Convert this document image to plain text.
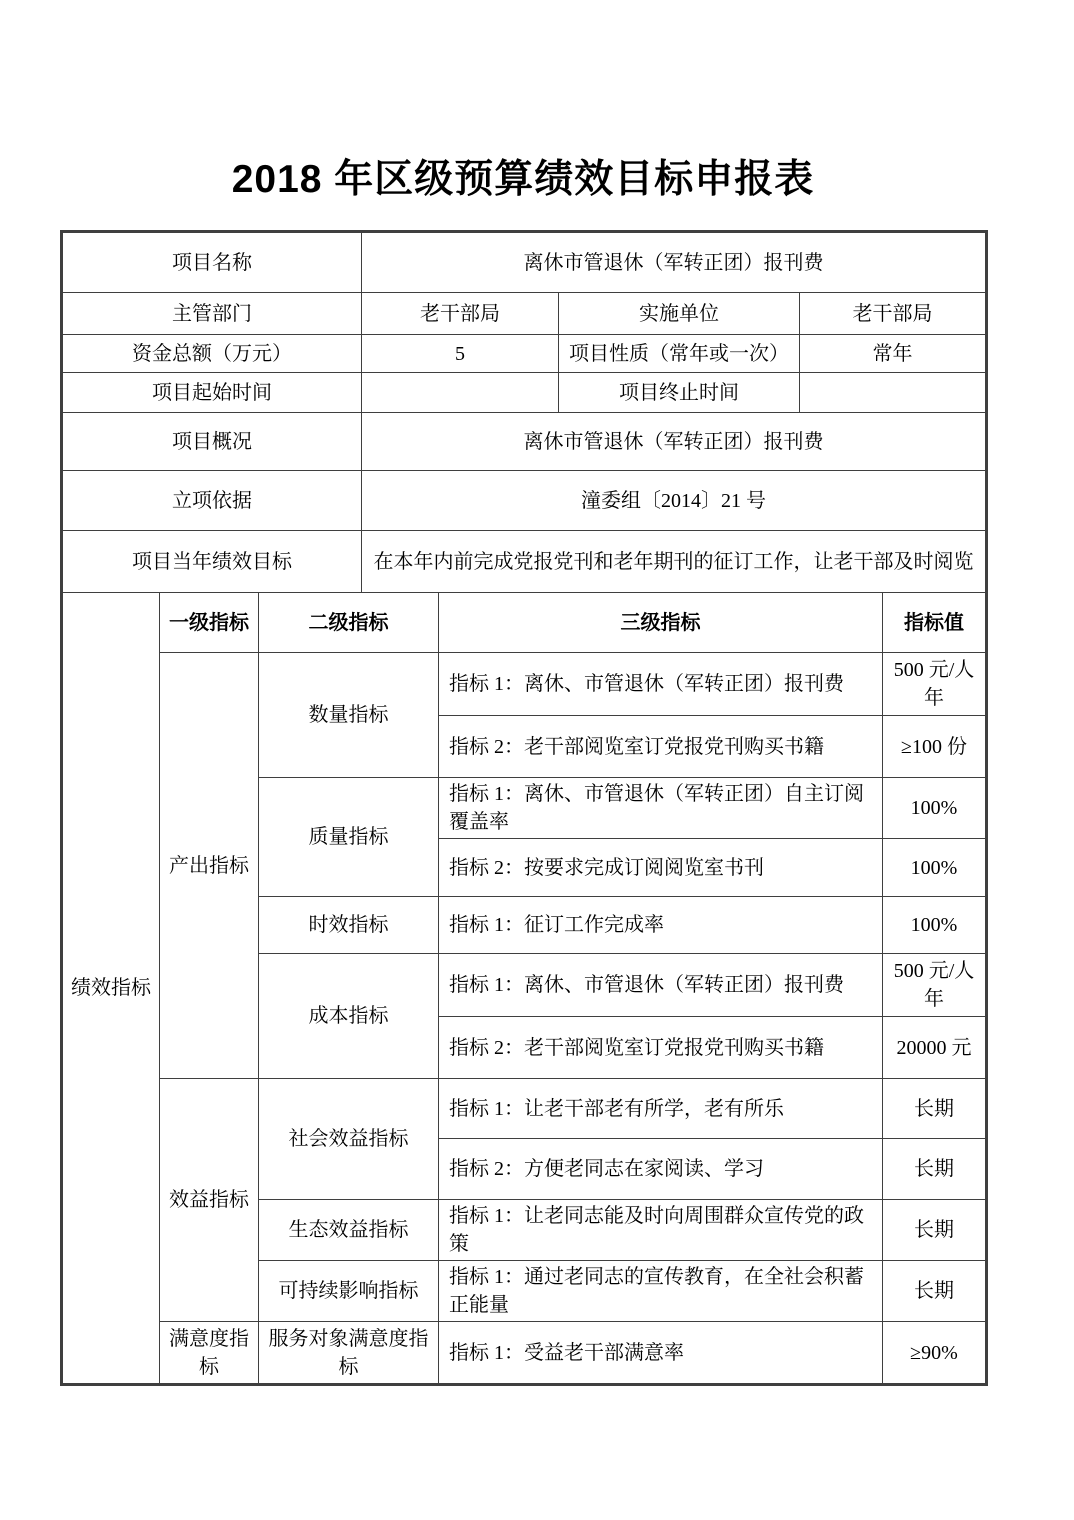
2018 年区级预算绩效目标申报表
项目名称	离休市管退休（军转正团）报刊费		
主管部门	老干部局	实施单位	老干部局
资金总额（万元）	5	项目性质（常年或一次）	常年
项目起始时间		项目终止时间	
项目概况	离休市管退休（军转正团）报刊费		
立项依据	潼委组〔2014〕21 号		
项目当年绩效目标	在本年内前完成党报党刊和老年期刊的征订工作，让老干部及时阅览		
绩效指标	一级指标	二级指标	三级指标	指标值
	产出指标	数量指标	指标 1：离休、市管退休（军转正团）报刊费	500 元/人年
			指标 2：老干部阅览室订党报党刊购买书籍	≥100 份
		质量指标	指标 1：离休、市管退休（军转正团）自主订阅覆盖率	100%
			指标 2：按要求完成订阅阅览室书刊	100%
		时效指标	指标 1：征订工作完成率	100%
		成本指标	指标 1：离休、市管退休（军转正团）报刊费	500 元/人年
			指标 2：老干部阅览室订党报党刊购买书籍	20000 元
	效益指标	社会效益指标	指标 1：让老干部老有所学，老有所乐	长期
			指标 2：方便老同志在家阅读、学习	长期
		生态效益指标	指标 1：让老同志能及时向周围群众宣传党的政策	长期
		可持续影响指标	指标 1：通过老同志的宣传教育，在全社会积蓄正能量	长期
	满意度指标	服务对象满意度指标	指标 1：受益老干部满意率	≥90%
